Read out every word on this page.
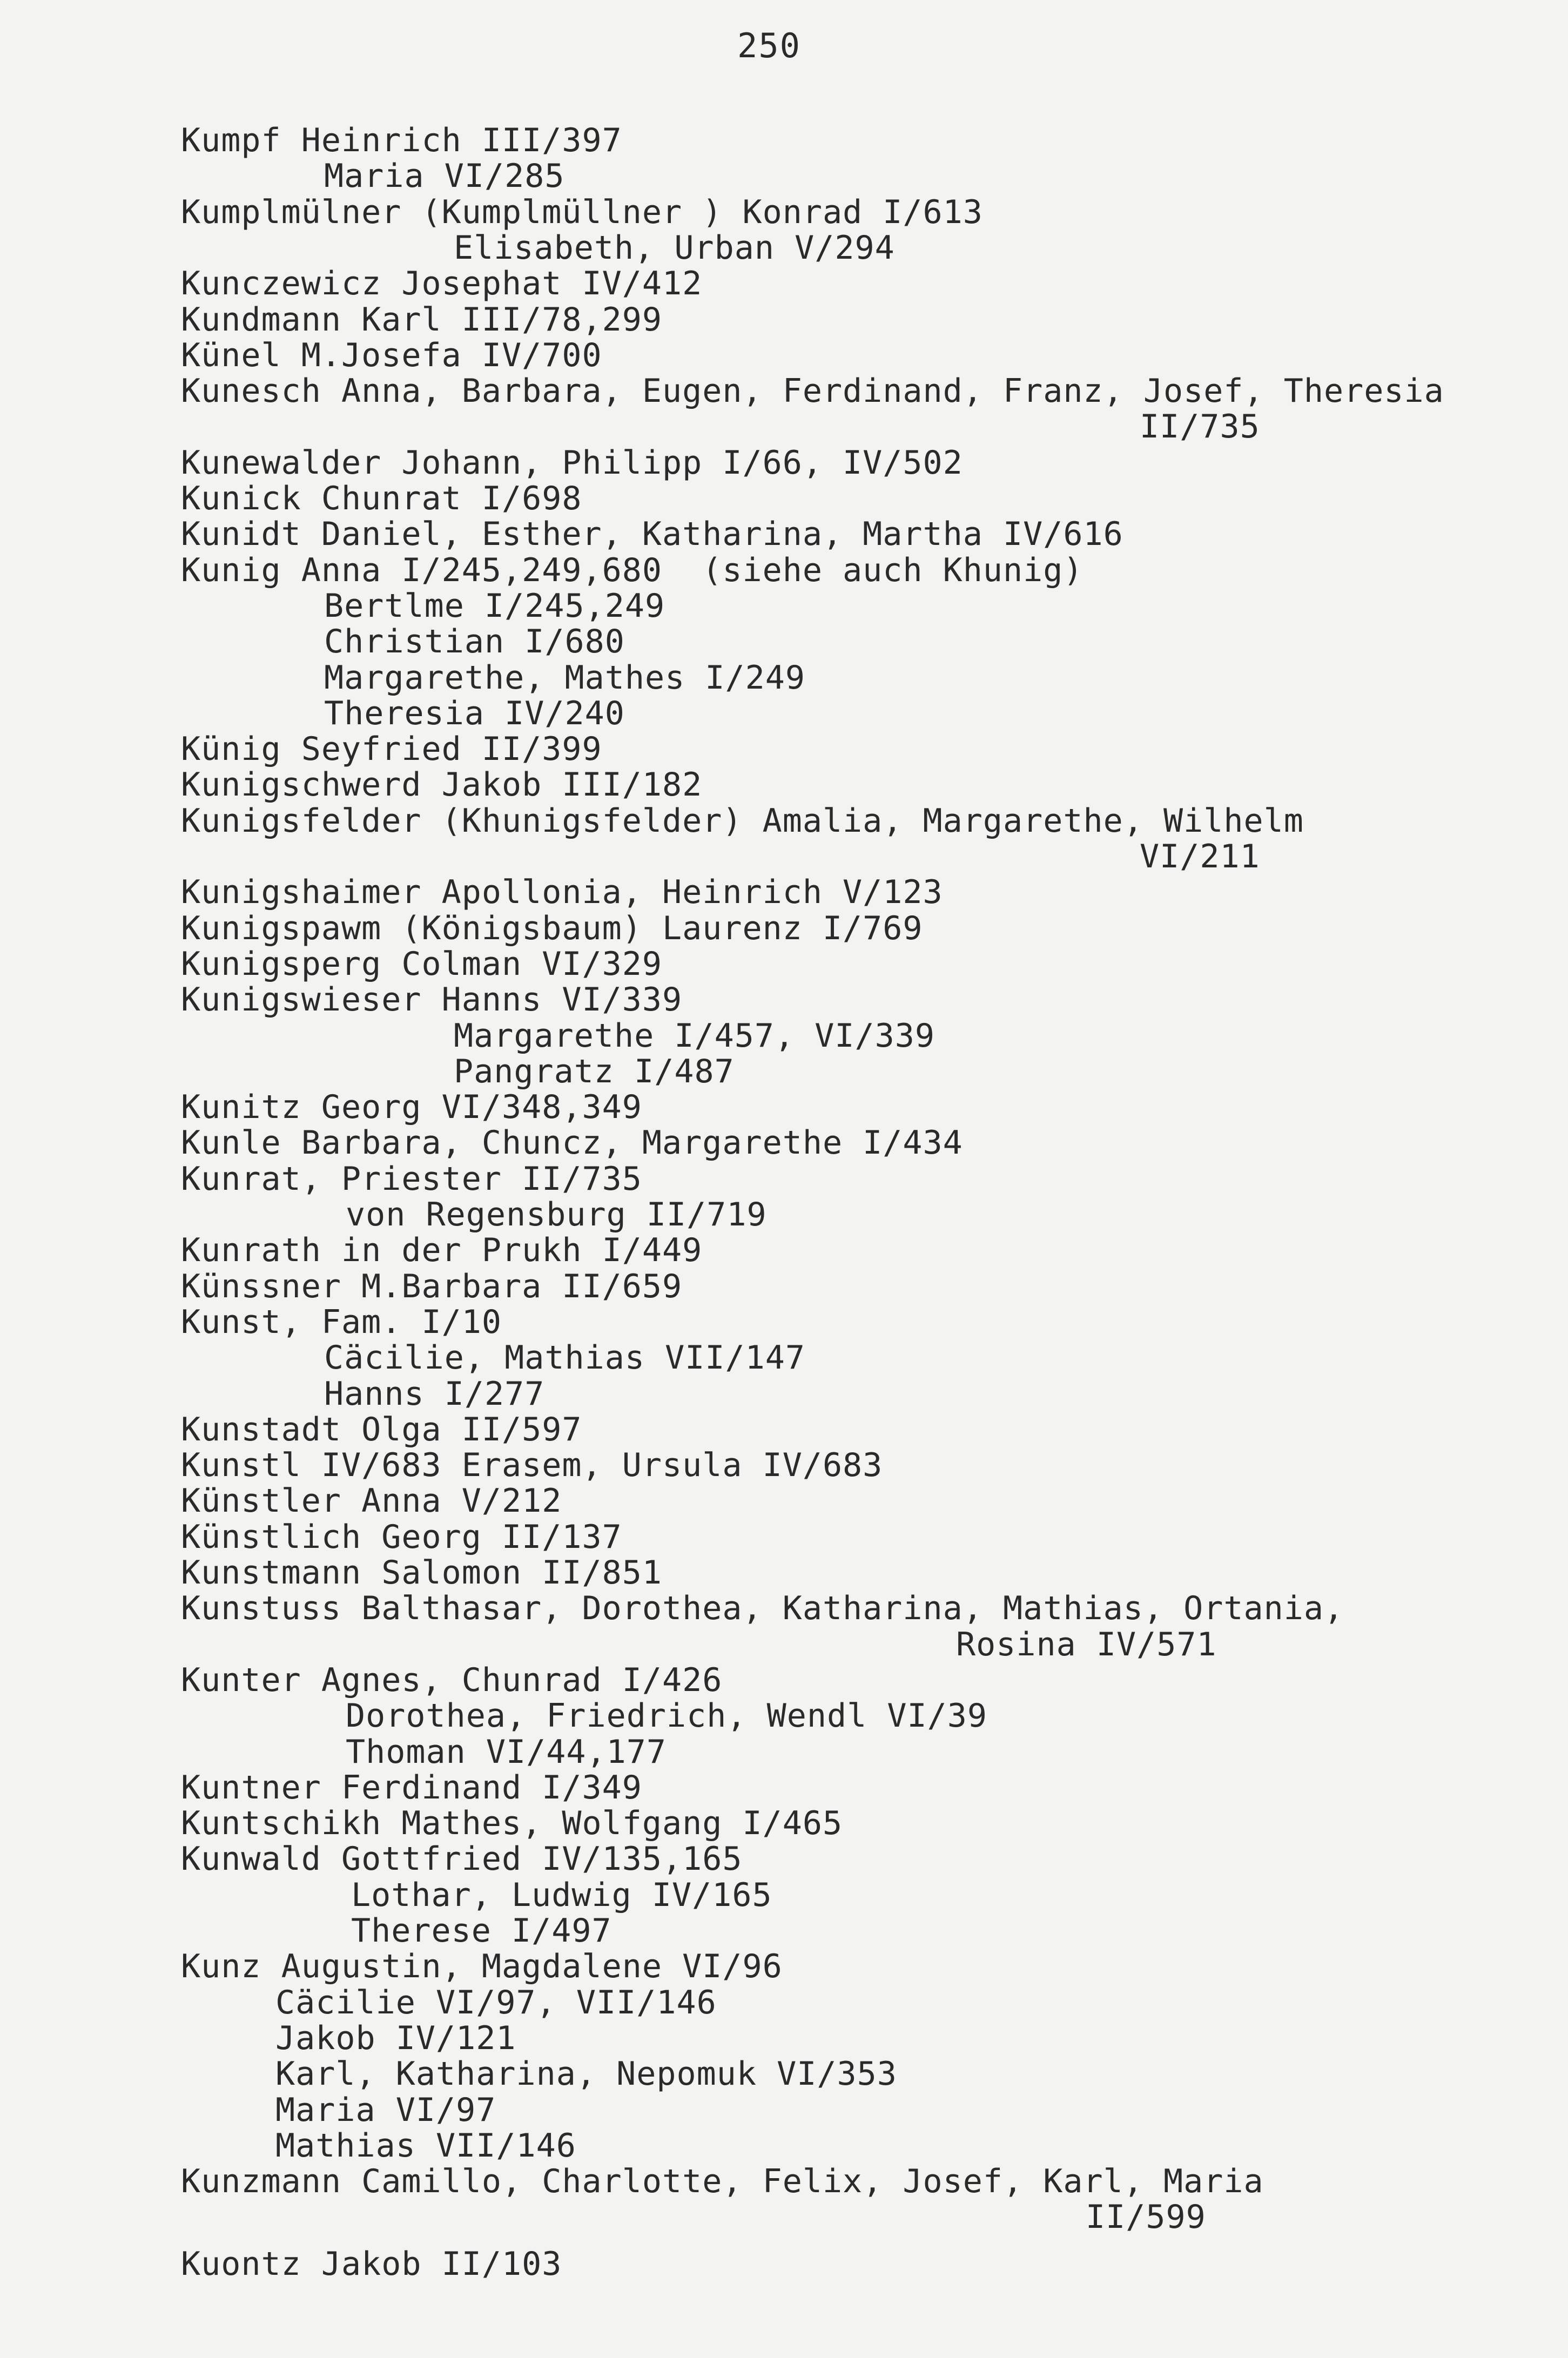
250
Kumpf Heinrich III/397
Maria VI/285
Kumplmülner (Kumplmüllner ) Konrad I/613
Elisabeth, Urban V/294
Kunczewicz Josephat IV/412
Kundmann Karl III/78,299
Künel M.Josefa IV/700
Kunesch Anna, Barbara, Eugen, Ferdinand, Franz, Josef, Theresia
II/735
Kunewalder Johann, Philipp I/66, IV/502
Kunick Chunrat I/698
Kunidt Daniel, Esther, Katharina, Martha IV/616
Kunig Anna I/245,249,680  (siehe auch Khunig)
Bertlme I/245,249
Christian I/680
Margarethe, Mathes I/249
Theresia IV/240
Künig Seyfried II/399
Kunigschwerd Jakob III/182
Kunigsfelder (Khunigsfelder) Amalia, Margarethe, Wilhelm
VI/211
Kunigshaimer Apollonia, Heinrich V/123
Kunigspawm (Königsbaum) Laurenz I/769
Kunigsperg Colman VI/329
Kunigswieser Hanns VI/339
Margarethe I/457, VI/339
Pangratz I/487
Kunitz Georg VI/348,349
Kunle Barbara, Chuncz, Margarethe I/434
Kunrat, Priester II/735
von Regensburg II/719
Kunrath in der Prukh I/449
Künssner M.Barbara II/659
Kunst, Fam. I/10
Cäcilie, Mathias VII/147
Hanns I/277
Kunstadt Olga II/597
Kunstl IV/683 Erasem, Ursula IV/683
Künstler Anna V/212
Künstlich Georg II/137
Kunstmann Salomon II/851
Kunstuss Balthasar, Dorothea, Katharina, Mathias, Ortania,
Rosina IV/571
Kunter Agnes, Chunrad I/426
Dorothea, Friedrich, Wendl VI/39
Thoman VI/44,177
Kuntner Ferdinand I/349
Kuntschikh Mathes, Wolfgang I/465
Kunwald Gottfried IV/135,165
Lothar, Ludwig IV/165
Therese I/497
Kunz Augustin, Magdalene VI/96
Cäcilie VI/97, VII/146
Jakob IV/121
Karl, Katharina, Nepomuk VI/353
Maria VI/97
Mathias VII/146
Kunzmann Camillo, Charlotte, Felix, Josef, Karl, Maria
II/599
Kuontz Jakob II/103
